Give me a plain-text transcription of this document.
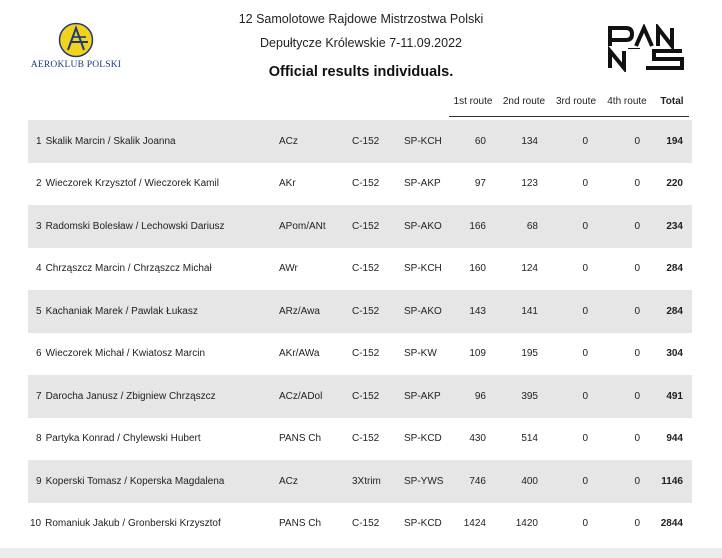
AEROKLUB POLSKI
12 Samolotowe Rajdowe Mistrzostwa Polski
Depułtycze Królewskie 7-11.09.2022
Official results individuals.
1st route 2nd route 3rd route	4th route	Total
1 Skalik Marcin / Skalik Joanna	ACz	C-152 SP-KCH	60	134	0	0	194
2 Wieczorek Krzysztof / Wieczorek Kamil	AKr	C-152 SP-AKP	97	123	0	0	220
3 Radomski Bolesław / Lechowski Dariusz	APom/ANt	C-152 SP-AKO	166	68	0	0	234
4 Chrząszcz Marcin / Chrząszcz Michał	AWr	C-152 SP-KCH	160	124	0	0	284
5 Kachaniak Marek / Pawlak Łukasz	ARz/Awa	C-152 SP-AKO	143	141	0	0	284
6 Wieczorek Michał / Kwiatosz Marcin	AKr/AWa	C-152 SP-KW	109	195	0	0	304
7 Darocha Janusz / Zbigniew Chrząszcz	ACz/ADol	C-152 SP-AKP	96	395	0	0	491
8 Partyka Konrad / Chylewski Hubert	PANS Ch	C-152 SP-KCD	430	514	0	0	944
9 Koperski Tomasz / Koperska Magdalena	ACz	3Xtrim SP-YWS	746	400	0	0	1146
10 Romaniuk Jakub / Gronberski Krzysztof	PANS Ch	C-152 SP-KCD	1424	1420	0	0	2844
